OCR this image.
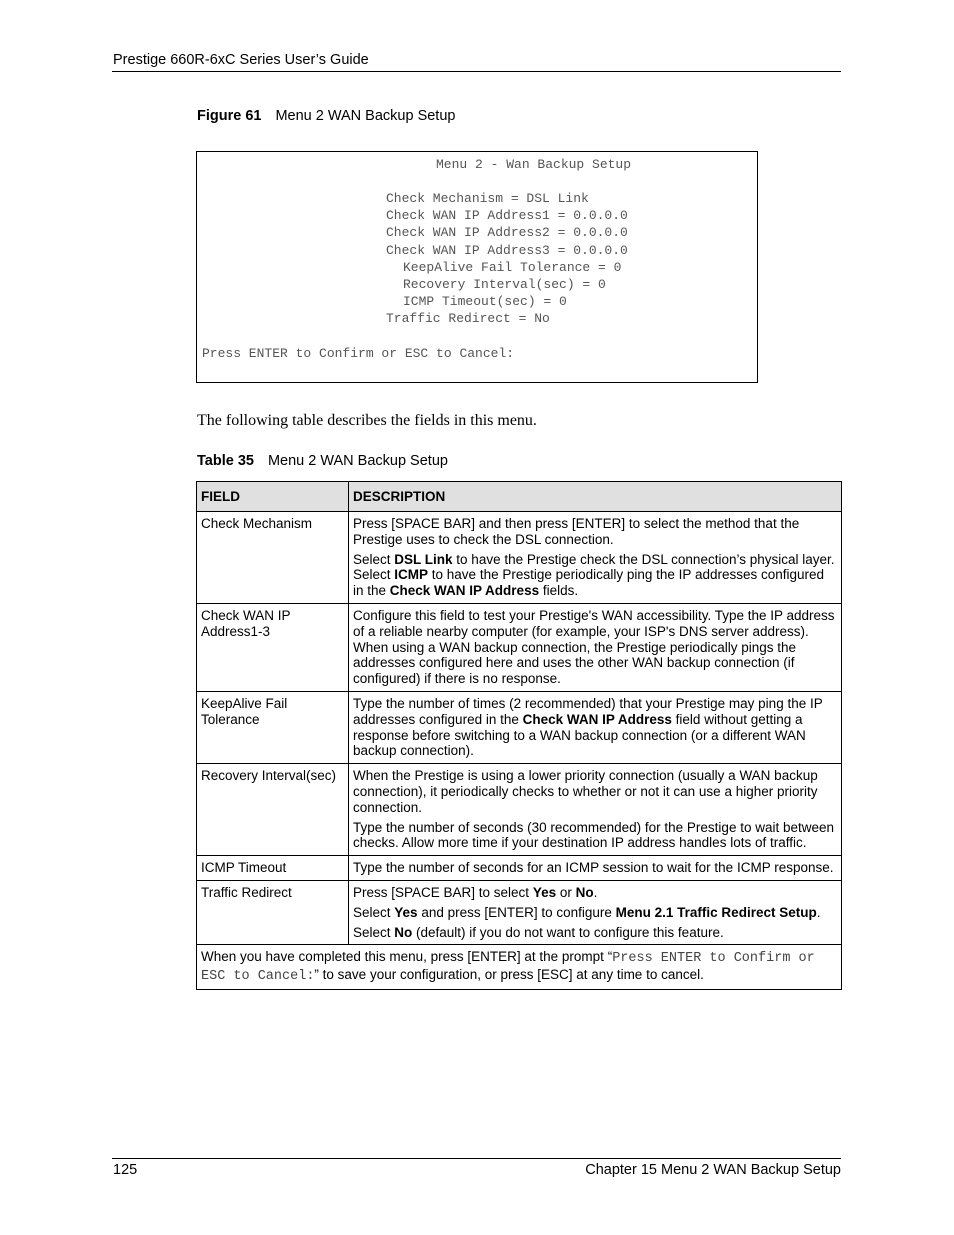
Prestige 660R-6xC Series User’s Guide
Figure 61 Menu 2 WAN Backup Setup
Menu 2 - Wan Backup Setup
Check Mechanism = DSL Link
Check WAN IP Address1 = 0.0.0.0
Check WAN IP Address2 = 0.0.0.0
Check WAN IP Address3 = 0.0.0.0
KeepAlive Fail Tolerance = 0
Recovery Interval(sec) = 0
ICMP Timeout(sec) = 0
Traffic Redirect = No
Press ENTER to Confirm or ESC to Cancel:
The following table describes the fields in this menu.
Table 35 Menu 2 WAN Backup Setup
FIELD	DESCRIPTION
Check Mechanism	Press [SPACE BAR] and then press [ENTER] to select the method that the Prestige uses to check the DSL connection.

Select DSL Link to have the Prestige check the DSL connection’s physical layer. Select ICMP to have the Prestige periodically ping the IP addresses configured in the Check WAN IP Address fields.

Check WAN IP Address1-3	Configure this field to test your Prestige's WAN accessibility. Type the IP address of a reliable nearby computer (for example, your ISP's DNS server address). When using a WAN backup connection, the Prestige periodically pings the addresses configured here and uses the other WAN backup connection (if configured) if there is no response.

KeepAlive Fail Tolerance	Type the number of times (2 recommended) that your Prestige may ping the IP addresses configured in the Check WAN IP Address field without getting a response before switching to a WAN backup connection (or a different WAN backup connection).

Recovery Interval(sec)	When the Prestige is using a lower priority connection (usually a WAN backup connection), it periodically checks to whether or not it can use a higher priority connection.

Type the number of seconds (30 recommended) for the Prestige to wait between checks. Allow more time if your destination IP address handles lots of traffic.

ICMP Timeout	Type the number of seconds for an ICMP session to wait for the ICMP response.

Traffic Redirect	Press [SPACE BAR] to select Yes or No.

Select Yes and press [ENTER] to configure Menu 2.1 Traffic Redirect Setup.

Select No (default) if you do not want to configure this feature.

When you have completed this menu, press [ENTER] at the prompt “Press ENTER to Confirm or ESC to Cancel:” to save your configuration, or press [ESC] at any time to cancel.	
125	Chapter 15 Menu 2 WAN Backup Setup
